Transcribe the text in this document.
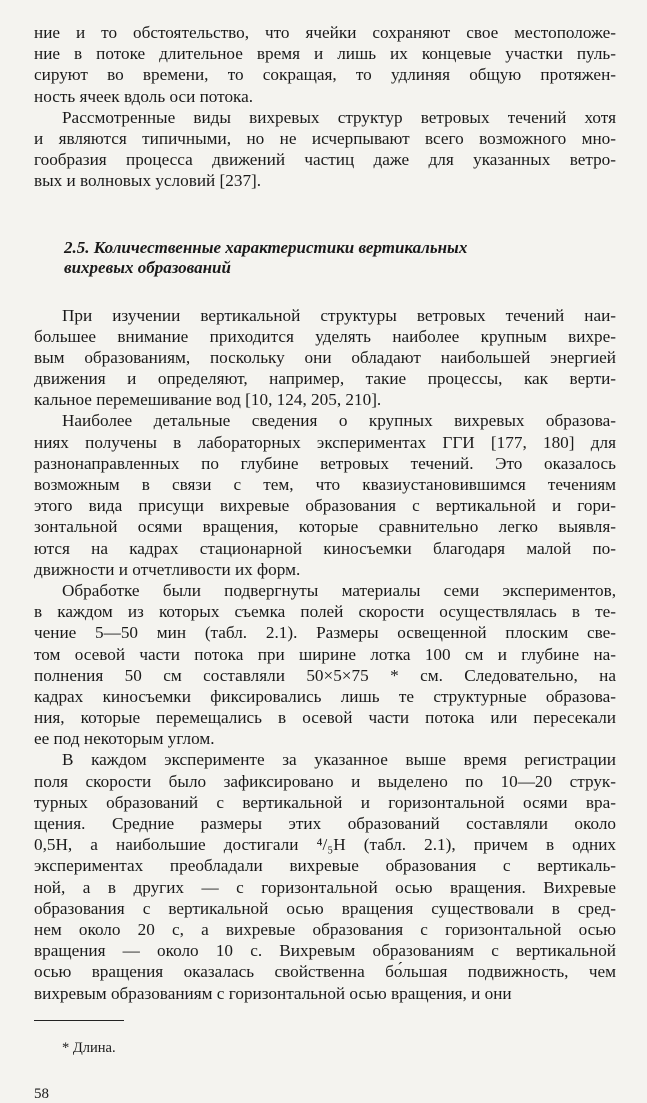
ние и то обстоятельство, что ячейки сохраняют свое местоположе-
ние в потоке длительное время и лишь их концевые участки пуль-
сируют во времени, то сокращая, то удлиняя общую протяжен-
ность ячеек вдоль оси потока.
Рассмотренные виды вихревых структур ветровых течений хотя
и являются типичными, но не исчерпывают всего возможного мно-
гообразия процесса движений частиц даже для указанных ветро-
вых и волновых условий [237].
2.5. Количественные характеристики вертикальных
вихревых образований
При изучении вертикальной структуры ветровых течений наи-
большее внимание приходится уделять наиболее крупным вихре-
вым образованиям, поскольку они обладают наибольшей энергией
движения и определяют, например, такие процессы, как верти-
кальное перемешивание вод [10, 124, 205, 210].
Наиболее детальные сведения о крупных вихревых образова-
ниях получены в лабораторных экспериментах ГГИ [177, 180] для
разнонаправленных по глубине ветровых течений. Это оказалось
возможным в связи с тем, что квазиустановившимся течениям
этого вида присущи вихревые образования с вертикальной и гори-
зонтальной осями вращения, которые сравнительно легко выявля-
ются на кадрах стационарной киносъемки благодаря малой по-
движности и отчетливости их форм.
Обработке были подвергнуты материалы семи экспериментов,
в каждом из которых съемка полей скорости осуществлялась в те-
чение 5—50 мин (табл. 2.1). Размеры освещенной плоским све-
том осевой части потока при ширине лотка 100 см и глубине на-
полнения 50 см составляли 50×5×75 * см. Следовательно, на
кадрах киносъемки фиксировались лишь те структурные образова-
ния, которые перемещались в осевой части потока или пересекали
ее под некоторым углом.
В каждом эксперименте за указанное выше время регистрации
поля скорости было зафиксировано и выделено по 10—20 струк-
турных образований с вертикальной и горизонтальной осями вра-
щения. Средние размеры этих образований составляли около
0,5H, а наибольшие достигали ⁴/₅H (табл. 2.1), причем в одних
экспериментах преобладали вихревые образования с вертикаль-
ной, а в других — с горизонтальной осью вращения. Вихревые
образования с вертикальной осью вращения существовали в сред-
нем около 20 с, а вихревые образования с горизонтальной осью
вращения — около 10 с. Вихревым образованиям с вертикальной
осью вращения оказалась свойственна бо́льшая подвижность, чем
вихревым образованиям с горизонтальной осью вращения, и они
* Длина.
58
